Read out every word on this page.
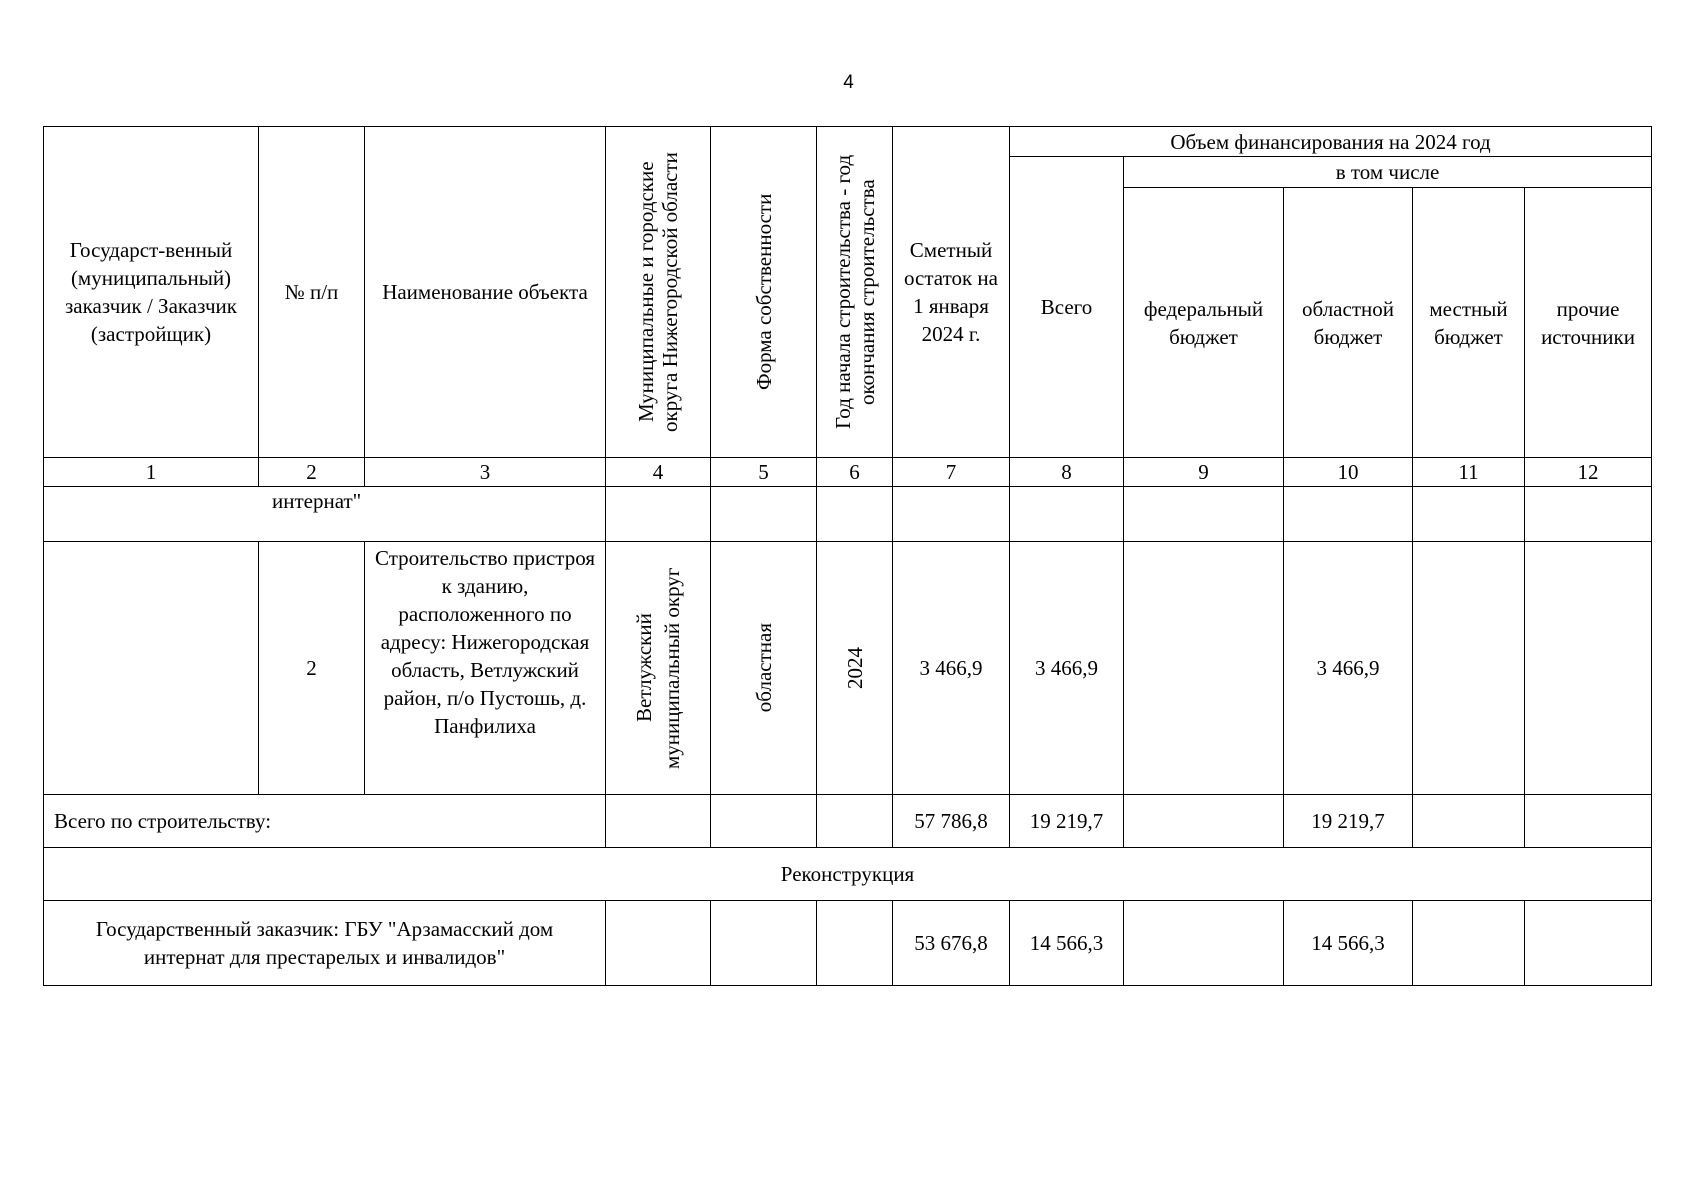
4
Государст-венный (муниципальный) заказчик / Заказчик (застройщик)	№ п/п	Наименование объекта	Муниципальные и городские округа Нижегородской области	Форма собственности	Год начала строительства - год окончания строительства	Сметный остаток на 1 января 2024 г.	Объем финансирования на 2024 год				
							Всего	в том числе			
								федеральный бюджет	областной бюджет	местный бюджет	прочие источники
1	2	3	4	5	6	7	8	9	10	11	12
интернат"											
	2	Строительство пристроя к зданию, расположенного по адресу: Нижегородская область, Ветлужский район, п/о Пустошь, д. Панфилиха	Ветлужский муниципальный округ	областная	2024	3 466,9	3 466,9		3 466,9		
Всего по строительству:						57 786,8	19 219,7		19 219,7		
Реконструкция											
Государственный заказчик: ГБУ "Арзамасский дом интернат для престарелых и инвалидов"						53 676,8	14 566,3		14 566,3		
